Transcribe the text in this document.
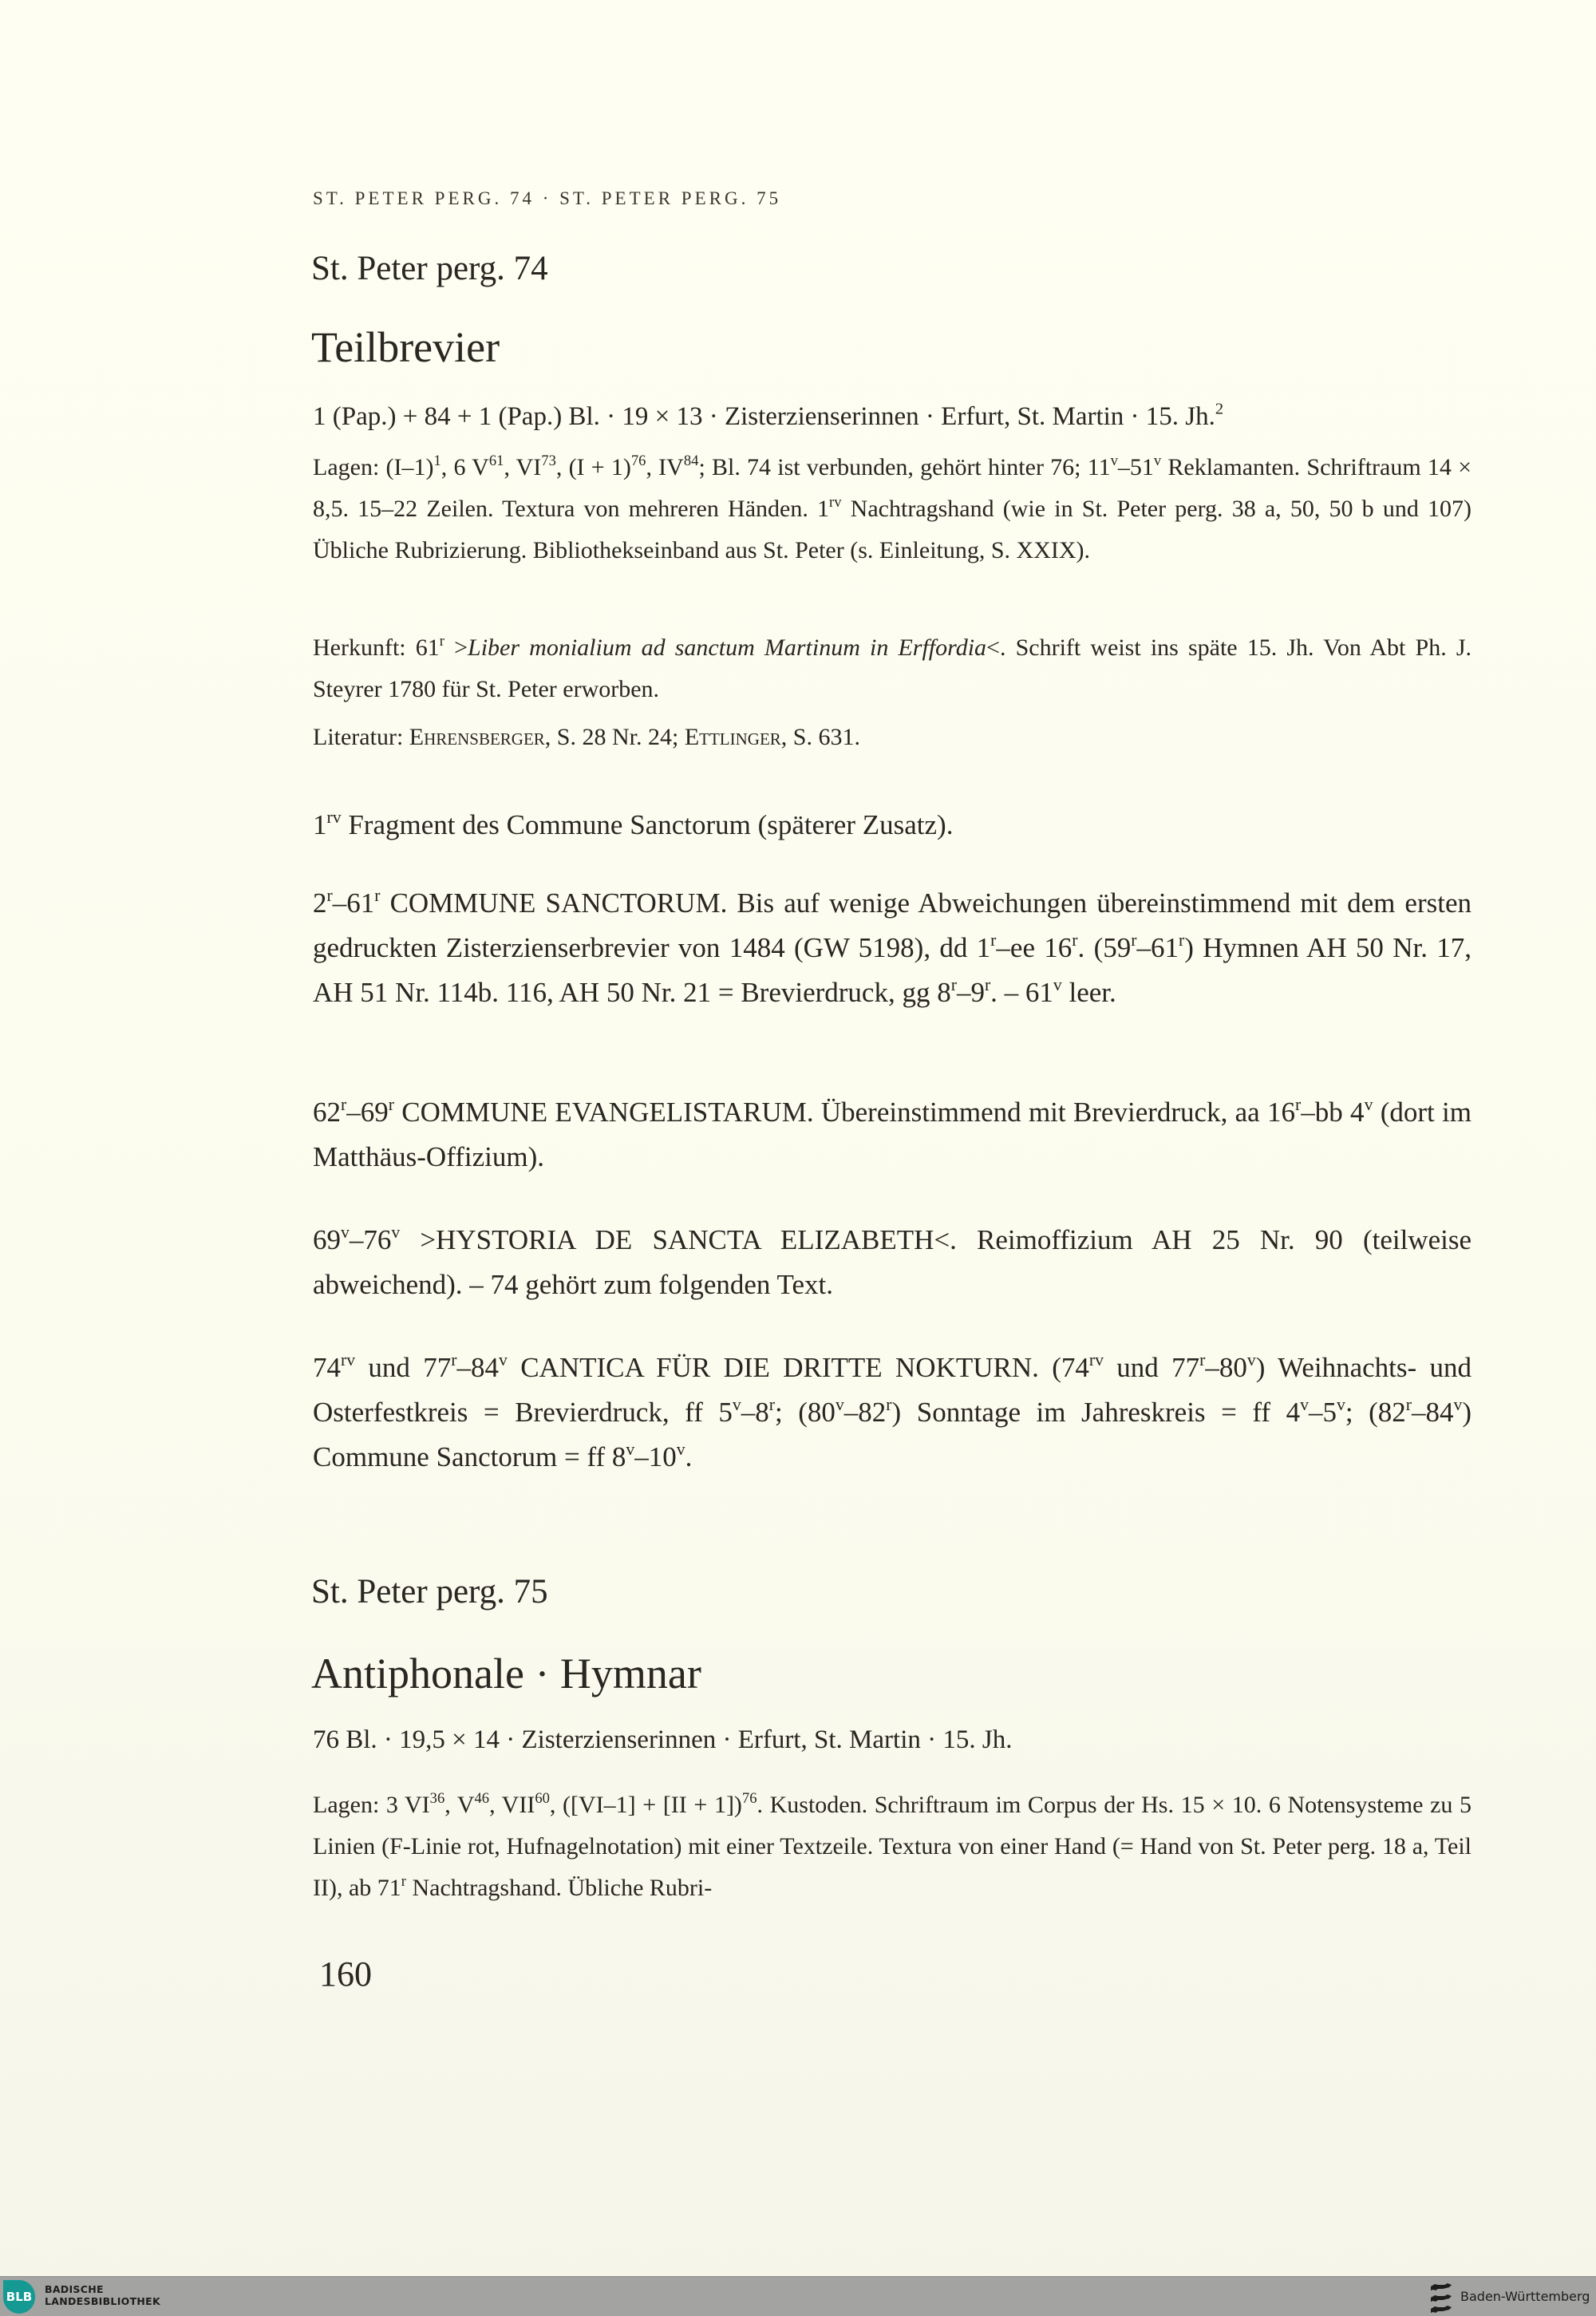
ST. PETER PERG. 74 · ST. PETER PERG. 75
St. Peter perg. 74
Teilbrevier
1 (Pap.) + 84 + 1 (Pap.) Bl. · 19 × 13 · Zisterzienserinnen · Erfurt, St. Martin · 15. Jh.$^2$

Lagen: $(I-1)^1$, 6 $V^{61}$, VI$^{73}$, $(I + 1)^{76}$, IV$^{84}$; Bl. 74 ist verbunden, gehört hinter 76; 11$^v$–51$^v$ Reklamanten. Schriftraum 14 × 8,5. 15–22 Zeilen. Textura von mehreren Händen. $1^{rv}$ Nachtragshand (wie in St. Peter perg. 38 a, 50, 50 b und 107) Übliche Rubrizierung. Bibliothekseinband aus St. Peter (s. Einleitung, S. XXIX).

Herkunft: $61^r$ >Liber monialium ad sanctum Martinum in Erffordia<. Schrift weist ins späte 15. Jh. Von Abt Ph. J. Steyrer 1780 für St. Peter erworben.

Literatur: Ehrensberger, S. 28 Nr. 24; Ettlinger, S. 631.

$1^{rv}$ Fragment des Commune Sanctorum (späterer Zusatz).

2$^r$–61$^r$ COMMUNE SANCTORUM. Bis auf wenige Abweichungen übereinstimmend mit dem ersten gedruckten Zisterzienserbrevier von 1484 (GW 5198), dd 1$^r$–ee 16$^r$. (59$^r$–61$^r$) Hymnen AH 50 Nr. 17, AH 51 Nr. 114b. 116, AH 50 Nr. 21 = Brevierdruck, gg 8$^r$–9$^r$. – 61$^v$ leer.

62$^r$–69$^r$ COMMUNE EVANGELISTARUM. Übereinstimmend mit Brevierdruck, aa 16$^r$–bb 4$^v$ (dort im Matthäus-Offizium).

$69^v-76^v$ >HYSTORIA DE SANCTA ELIZABETH<. Reimoffizium AH 25 Nr. 90 (teilweise abweichend). – 74 gehört zum folgenden Text.

$74^{rv}$ und 77$^r$–84$^v$ CANTICA FÜR DIE DRITTE NOKTURN. ($74^{rv}$ und 77$^r$–80$^v$) Weihnachts- und Osterfestkreis = Brevierdruck, ff 5$^v$–8$^r$; (80$^v$–82$^r$) Sonntage im Jahreskreis = ff 4$^v$–5$^v$; (82$^r$–84$^v$) Commune Sanctorum = ff 8$^v$–10$^v$.

St. Peter perg. 75
Antiphonale · Hymnar
76 Bl. · 19,5 × 14 · Zisterzienserinnen · Erfurt, St. Martin · 15. Jh.

Lagen: 3 VI$^{36}$, $V^{46}$, VII$^{60}$, $([VI-1] + [II + 1])^{76}$. Kustoden. Schriftraum im Corpus der Hs. 15 × 10. 6 Notensysteme zu 5 Linien (F-Linie rot, Hufnagelnotation) mit einer Textzeile. Textura von einer Hand (= Hand von St. Peter perg. 18 a, Teil II), ab 71$^r$ Nachtragshand. Übliche Rubri-

160
BLB
BADISCHE
LANDESBIBLIOTHEK	Baden-Württemberg
